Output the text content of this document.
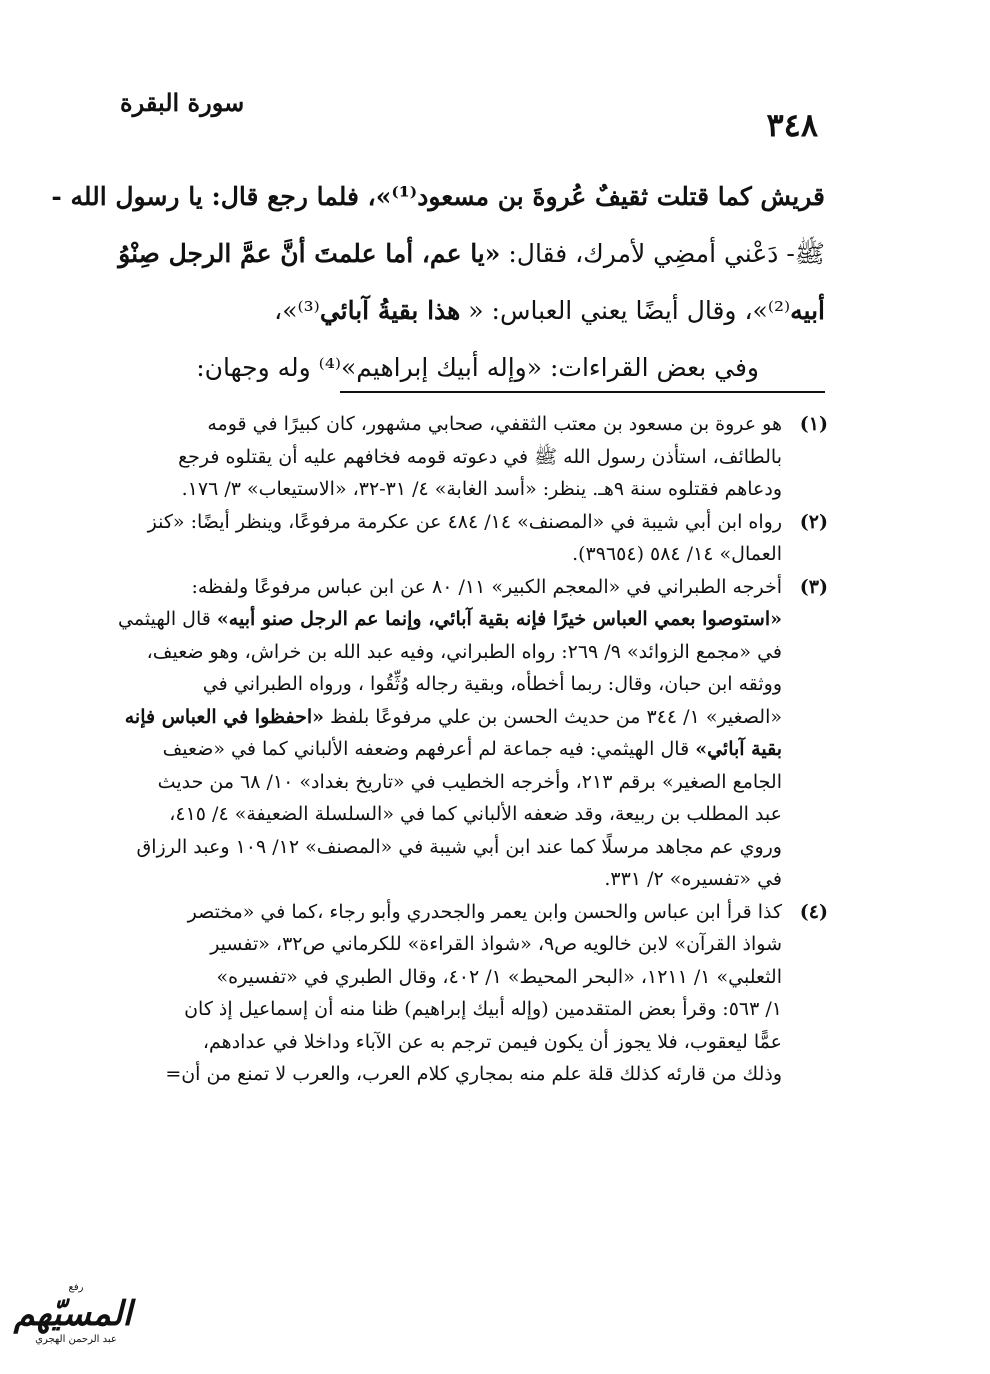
سورة البقرة
٣٤٨
قريش كما قتلت ثقيفٌ عُروةَ بن مسعود⁽¹⁾»، فلما رجع قال: يا رسول الله -
ﷺ- دَعْني أمضِي لأمرك، فقال: «يا عم، أما علمتَ أنَّ عمَّ الرجل صِنْوُ
أبيه⁽²⁾»، وقال أيضًا يعني العباس: « هذا بقيةُ آبائي⁽³⁾»،
وفي بعض القراءات: «وإله أبيك إبراهيم»⁽⁴⁾ وله وجهان:
(١)
هو عروة بن مسعود بن معتب الثقفي، صحابي مشهور، كان كبيرًا في قومه
بالطائف، استأذن رسول الله ﷺ في دعوته قومه فخافهم عليه أن يقتلوه فرجع
ودعاهم فقتلوه سنة ٩هـ. ينظر: «أسد الغابة» ٤/ ٣١-٣٢، «الاستيعاب» ٣/ ١٧٦.
(٢)
رواه ابن أبي شيبة في «المصنف» ١٤/ ٤٨٤ عن عكرمة مرفوعًا، وينظر أيضًا: «كنز
العمال» ١٤/ ٥٨٤ (٣٩٦٥٤).
(٣)
أخرجه الطبراني في «المعجم الكبير» ١١/ ٨٠ عن ابن عباس مرفوعًا ولفظه:
«استوصوا بعمي العباس خيرًا فإنه بقية آبائي، وإنما عم الرجل صنو أبيه» قال الهيثمي
في «مجمع الزوائد» ٩/ ٢٦٩: رواه الطبراني، وفيه عبد الله بن خراش، وهو ضعيف،
ووثقه ابن حبان، وقال: ربما أخطأه، وبقية رجاله وُثِّقُوا ، ورواه الطبراني في
«الصغير» ١/ ٣٤٤ من حديث الحسن بن علي مرفوعًا بلفظ «احفظوا في العباس فإنه
بقية آبائي» قال الهيثمي: فيه جماعة لم أعرفهم وضعفه الألباني كما في «ضعيف
الجامع الصغير» برقم ٢١٣، وأخرجه الخطيب في «تاريخ بغداد» ١٠/ ٦٨ من حديث
عبد المطلب بن ربيعة، وقد ضعفه الألباني كما في «السلسلة الضعيفة» ٤/ ٤١٥،
وروي عم مجاهد مرسلًا كما عند ابن أبي شيبة في «المصنف» ١٢/ ١٠٩ وعبد الرزاق
في «تفسيره» ٢/ ٣٣١.
(٤)
كذا قرأ ابن عباس والحسن وابن يعمر والجحدري وأبو رجاء ،كما في «مختصر
شواذ القرآن» لابن خالويه ص٩، «شواذ القراءة» للكرماني ص٣٢، «تفسير
الثعلبي» ١/ ١٢١١، «البحر المحيط» ١/ ٤٠٢، وقال الطبري في «تفسيره»
١/ ٥٦٣: وقرأ بعض المتقدمين (وإله أبيك إبراهيم) ظنا منه أن إسماعيل إذ كان
عمًّا ليعقوب، فلا يجوز أن يكون فيمن ترجم به عن الآباء وداخلا في عدادهم،
وذلك من قارئه كذلك قلة علم منه بمجاري كلام العرب، والعرب لا تمنع من أن=
رفع
المسيّهم
عبد الرحمن الهجري
